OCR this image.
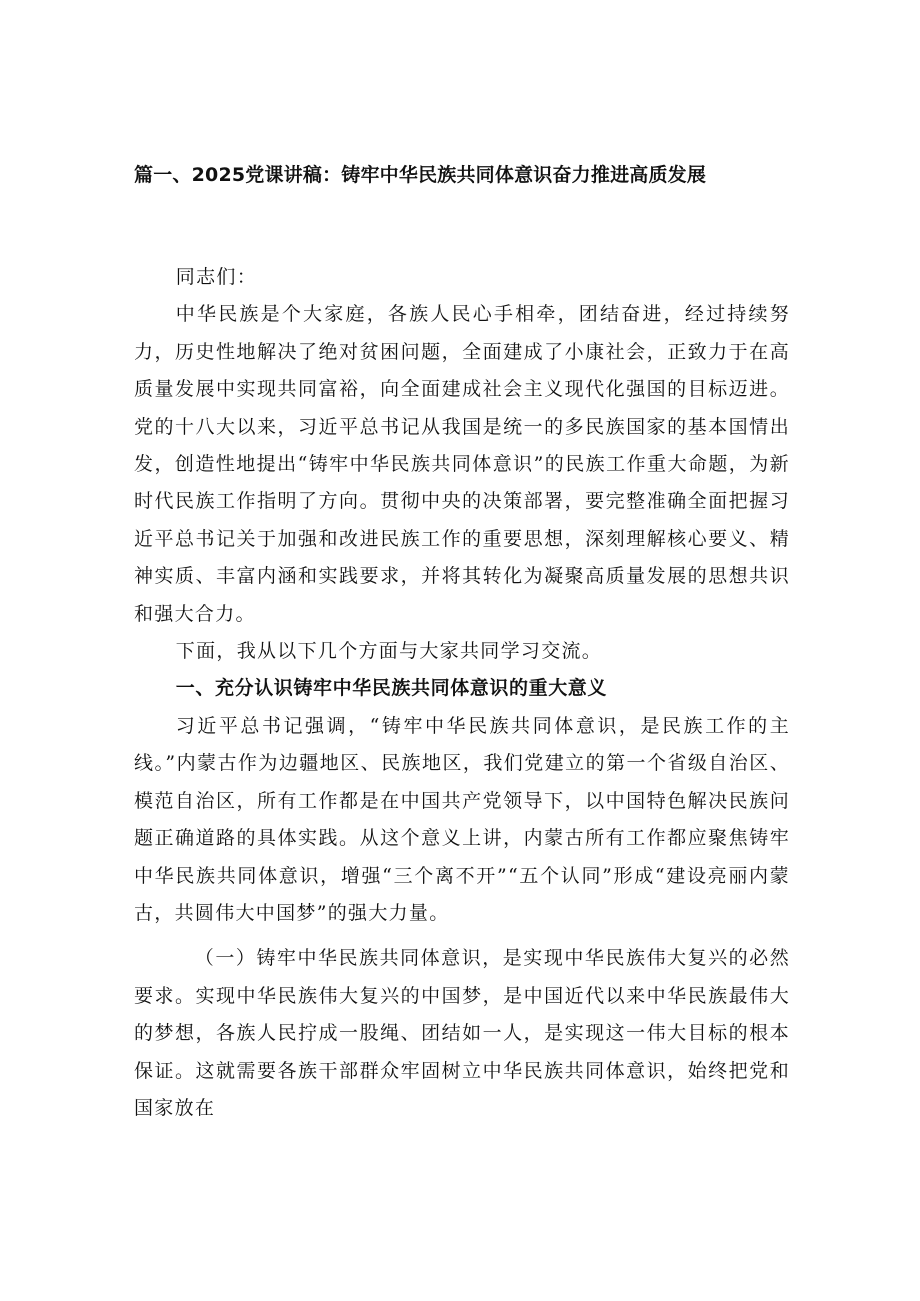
篇一、2025党课讲稿：铸牢中华民族共同体意识奋力推进高质发展

同志们：

中华民族是个大家庭，各族人民心手相牵，团结奋进，经过持续努力，历史性地解决了绝对贫困问题，全面建成了小康社会，正致力于在高质量发展中实现共同富裕，向全面建成社会主义现代化强国的目标迈进。党的十八大以来，习近平总书记从我国是统一的多民族国家的基本国情出发，创造性地提出“铸牢中华民族共同体意识”的民族工作重大命题，为新时代民族工作指明了方向。贯彻中央的决策部署，要完整准确全面把握习近平总书记关于加强和改进民族工作的重要思想，深刻理解核心要义、精神实质、丰富内涵和实践要求，并将其转化为凝聚高质量发展的思想共识和强大合力。

下面，我从以下几个方面与大家共同学习交流。

一、充分认识铸牢中华民族共同体意识的重大意义

习近平总书记强调，“铸牢中华民族共同体意识，是民族工作的主线。”内蒙古作为边疆地区、民族地区，我们党建立的第一个省级自治区、模范自治区，所有工作都是在中国共产党领导下，以中国特色解决民族问题正确道路的具体实践。从这个意义上讲，内蒙古所有工作都应聚焦铸牢中华民族共同体意识，增强“三个离不开”“五个认同”形成“建设亮丽内蒙古，共圆伟大中国梦”的强大力量。

（一）铸牢中华民族共同体意识，是实现中华民族伟大复兴的必然要求。实现中华民族伟大复兴的中国梦，是中国近代以来中华民族最伟大的梦想，各族人民拧成一股绳、团结如一人，是实现这一伟大目标的根本保证。这就需要各族干部群众牢固树立中华民族共同体意识，始终把党和国家放在
